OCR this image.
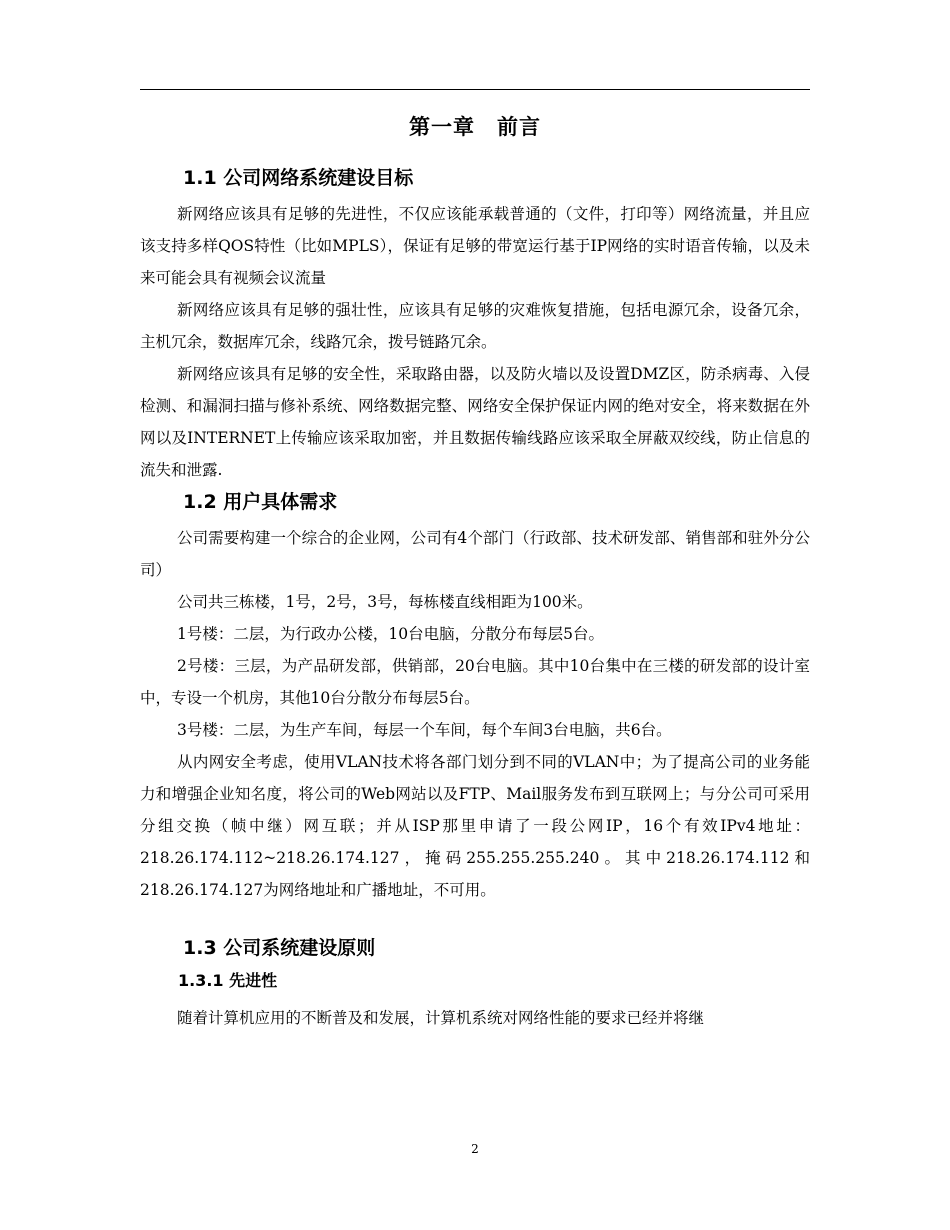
第一章　前言
1.1 公司网络系统建设目标

新网络应该具有足够的先进性，不仅应该能承载普通的（文件，打印等）网络流量，并且应该支持多样QOS特性（比如MPLS），保证有足够的带宽运行基于IP网络的实时语音传输，以及未来可能会具有视频会议流量

新网络应该具有足够的强壮性，应该具有足够的灾难恢复措施，包括电源冗余，设备冗余，主机冗余，数据库冗余，线路冗余，拨号链路冗余。

新网络应该具有足够的安全性，采取路由器，以及防火墙以及设置DMZ区，防杀病毒、入侵检测、和漏洞扫描与修补系统、网络数据完整、网络安全保护保证内网的绝对安全，将来数据在外网以及INTERNET上传输应该采取加密，并且数据传输线路应该采取全屏蔽双绞线，防止信息的流失和泄露.

1.2 用户具体需求

公司需要构建一个综合的企业网，公司有4个部门（行政部、技术研发部、销售部和驻外分公司）

公司共三栋楼，1号，2号，3号，每栋楼直线相距为100米。

1号楼：二层，为行政办公楼，10台电脑，分散分布每层5台。

2号楼：三层，为产品研发部，供销部，20台电脑。其中10台集中在三楼的研发部的设计室中，专设一个机房，其他10台分散分布每层5台。

3号楼：二层，为生产车间，每层一个车间，每个车间3台电脑，共6台。

从内网安全考虑，使用VLAN技术将各部门划分到不同的VLAN中；为了提高公司的业务能力和增强企业知名度，将公司的Web网站以及FTP、Mail服务发布到互联网上；与分公司可采用分组交换（帧中继）网互联；并从ISP那里申请了一段公网IP，16个有效IPv4地址：218.26.174.112~218.26.174.127，掩码255.255.255.240。其中218.26.174.112和218.26.174.127为网络地址和广播地址，不可用。

1.3 公司系统建设原则
1.3.1 先进性

随着计算机应用的不断普及和发展，计算机系统对网络性能的要求已经并将继

2
